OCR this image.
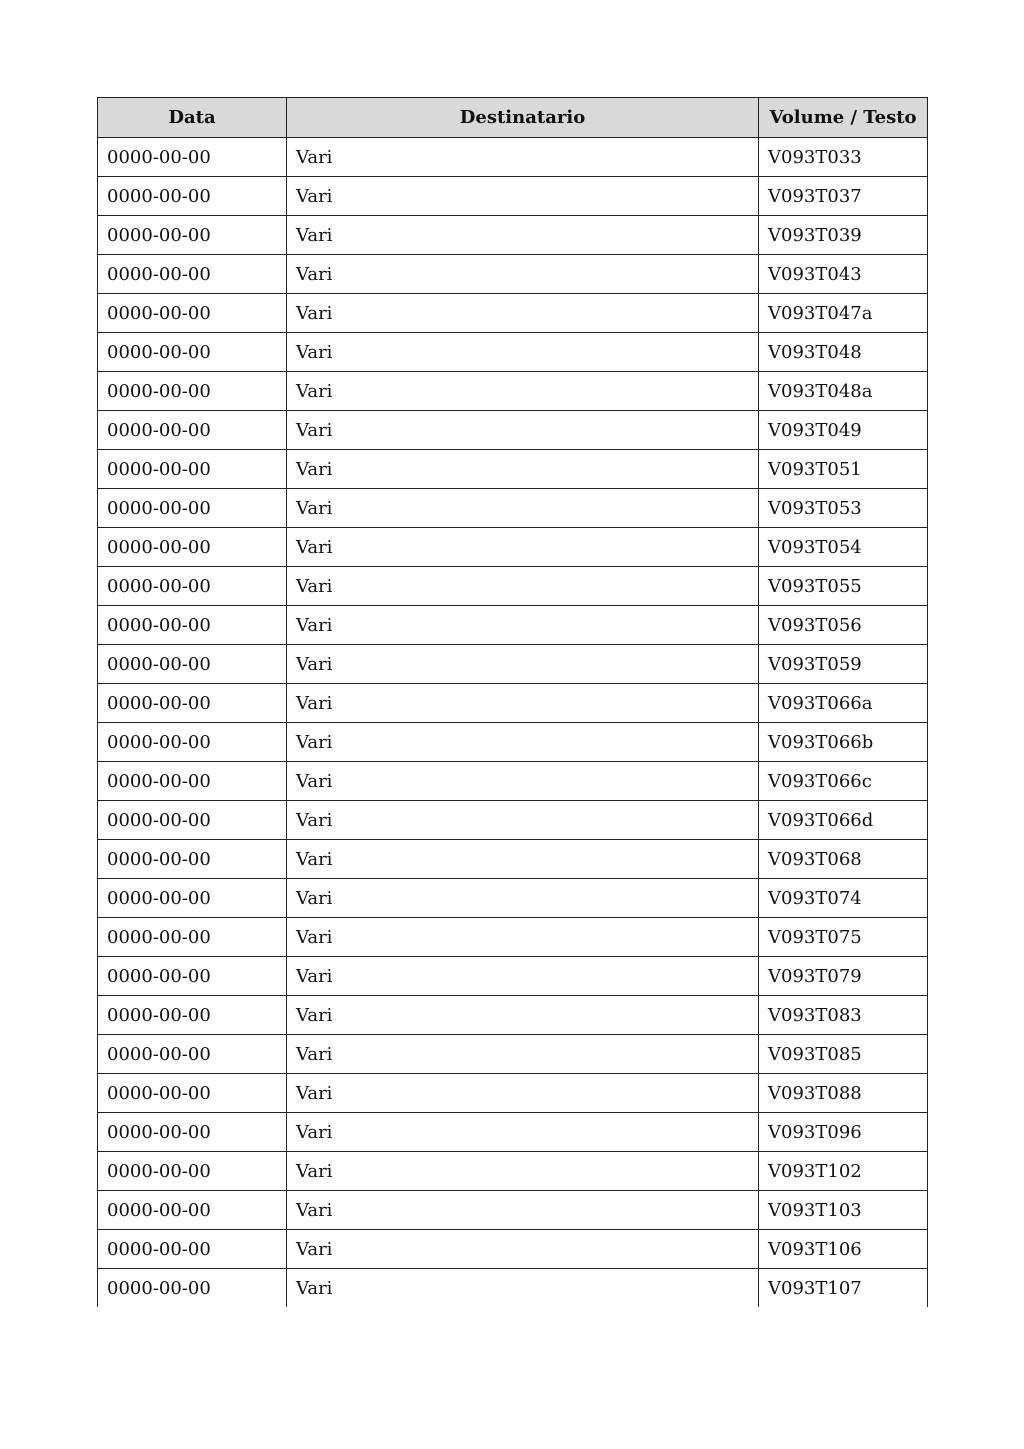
Data	Destinatario	Volume / Testo
0000-00-00	Vari	V093T033
0000-00-00	Vari	V093T037
0000-00-00	Vari	V093T039
0000-00-00	Vari	V093T043
0000-00-00	Vari	V093T047a
0000-00-00	Vari	V093T048
0000-00-00	Vari	V093T048a
0000-00-00	Vari	V093T049
0000-00-00	Vari	V093T051
0000-00-00	Vari	V093T053
0000-00-00	Vari	V093T054
0000-00-00	Vari	V093T055
0000-00-00	Vari	V093T056
0000-00-00	Vari	V093T059
0000-00-00	Vari	V093T066a
0000-00-00	Vari	V093T066b
0000-00-00	Vari	V093T066c
0000-00-00	Vari	V093T066d
0000-00-00	Vari	V093T068
0000-00-00	Vari	V093T074
0000-00-00	Vari	V093T075
0000-00-00	Vari	V093T079
0000-00-00	Vari	V093T083
0000-00-00	Vari	V093T085
0000-00-00	Vari	V093T088
0000-00-00	Vari	V093T096
0000-00-00	Vari	V093T102
0000-00-00	Vari	V093T103
0000-00-00	Vari	V093T106
0000-00-00	Vari	V093T107
